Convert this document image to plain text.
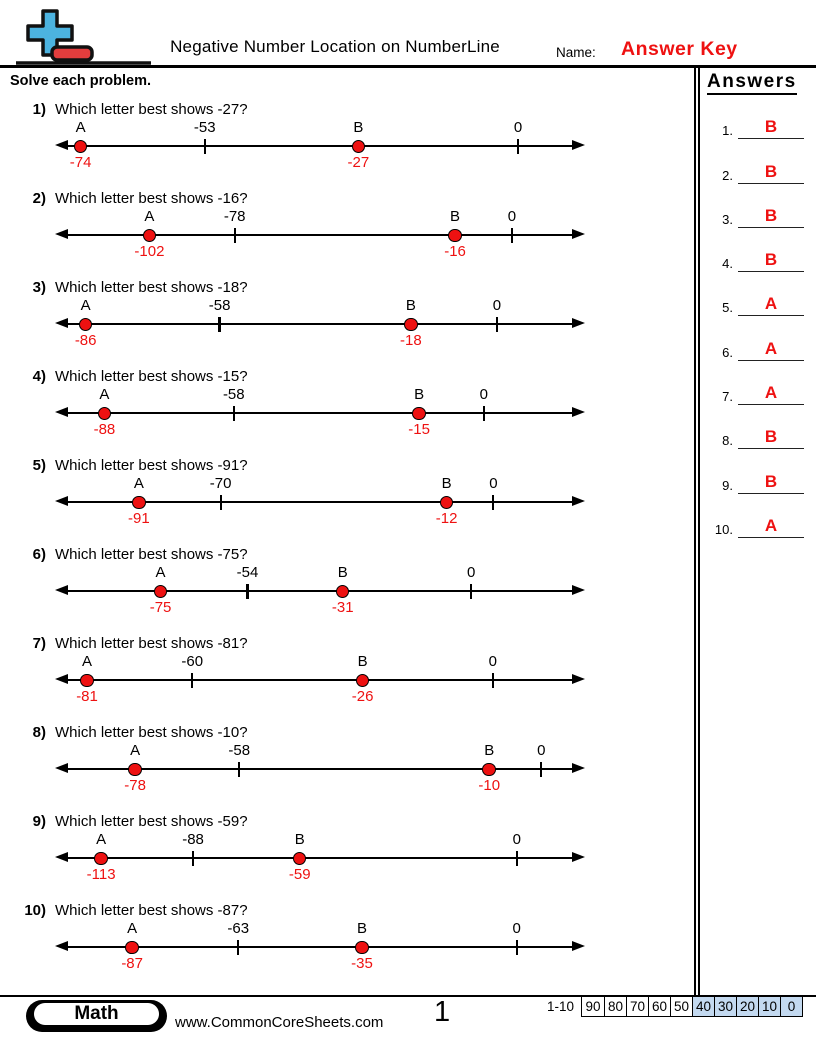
Negative Number Location on NumberLine	Name: Answer Key
Solve each problem.
1) Which letter best shows -27?
-53	0
A
-74
B
-27
2) Which letter best shows -16?
-78	0
A
-102
B
-16
3) Which letter best shows -18?
-58	0
A
-86
B
-18
4) Which letter best shows -15?
-58	0
A
-88
B
-15
5) Which letter best shows -91?
-70	0
A
-91
B
-12
6) Which letter best shows -75?
-54	0
A
-75
B
-31
7) Which letter best shows -81?
-60	0
A
-81
B
-26
8) Which letter best shows -10?
-58	0
A
-78
B
-10
9) Which letter best shows -59?
-88	0
A
-113
B
-59
10) Which letter best shows -87?
-63	0
A
-87
B
-35
Answers
1.	B
2.	B
3.	B
4.	B
5.	A
6.	A
7.	A
8.	B
9.	B
10.	A
Math	www.CommonCoreSheets.com 1	1-10 90 80 70 60 50 40 30 20 10 0
